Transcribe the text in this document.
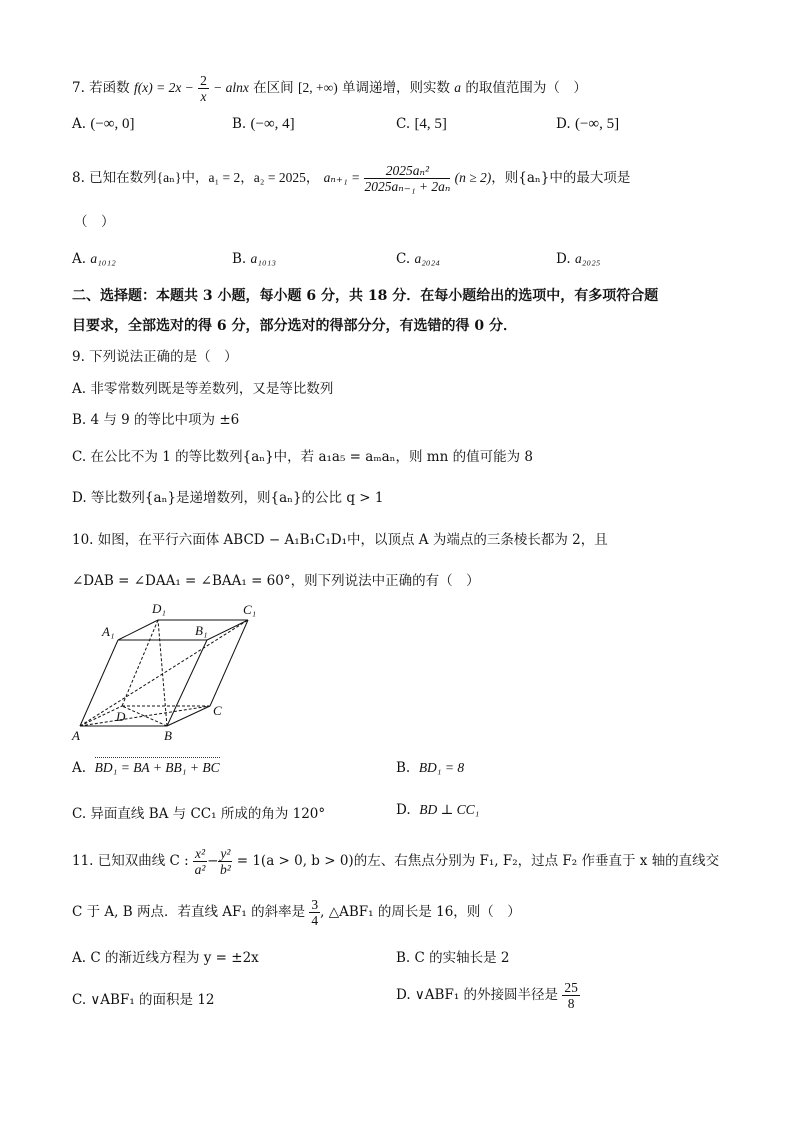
7. 若函数 $f(x) = 2x - \frac{2}{x} - alnx$ 在区间 [2, +∞) 单调递增，则实数 a 的取值范围为（　）
A. (−∞, 0]	B. (−∞, 4]	C. [4, 5]	D. (−∞, 5]
8. 已知在数列{aₙ}中，a₁ = 2，a₂ = 2025， $a_{n+1} = \frac{\text{2025aₙ²}}{\text{2025aₙ₋₁ + 2aₙ}} (n \ge 2)$，则{aₙ}中的最大项是
（　）
A. a₁₀₁₂	B. a₁₀₁₃	C. a₂₀₂₄	D. a₂₀₂₅
二、选择题：本题共 3 小题，每小题 6 分，共 18 分．在每小题给出的选项中，有多项符合题
目要求，全部选对的得 6 分，部分选对的得部分分，有选错的得 0 分．
9. 下列说法正确的是（　）
A. 非零常数列既是等差数列，又是等比数列
B. 4 与 9 的等比中项为 ±6
C. 在公比不为 1 的等比数列{aₙ}中，若 a₁a₅ = aₘaₙ，则 mn 的值可能为 8
D. 等比数列{aₙ}是递增数列，则{aₙ}的公比 q > 1
10. 如图，在平行六面体 ABCD − A₁B₁C₁D₁中，以顶点 A 为端点的三条棱长都为 2，且
∠DAB = ∠DAA₁ = ∠BAA₁ = 60°，则下列说法中正确的有（　）
A₁
D₁
B₁
C₁
D	C
A	B
A. BD₁ = BA + BB₁ + BC	B. BD₁ = 8
C. 异面直线 BA 与 CC₁ 所成的角为 120°	D. BD ⊥ CC₁
11. 已知双曲线 C : $\frac{\text{x²}}{\text{a²}} - \frac{\text{y²}}{\text{b²}} = 1(a > 0$, b > 0)的左、右焦点分别为 F₁, F₂，过点 F₂ 作垂直于 x 轴的直线交
C 于 A, B 两点．若直线 AF₁ 的斜率是 $\frac{3}{4}$ , △ABF₁ 的周长是 16，则（　）
A. C 的渐近线方程为 y = ±2x	B. C 的实轴长是 2
C. ∨ABF₁ 的面积是 12	D. ∨ABF₁ 的外接圆半径是 $\frac{25}{8}$
